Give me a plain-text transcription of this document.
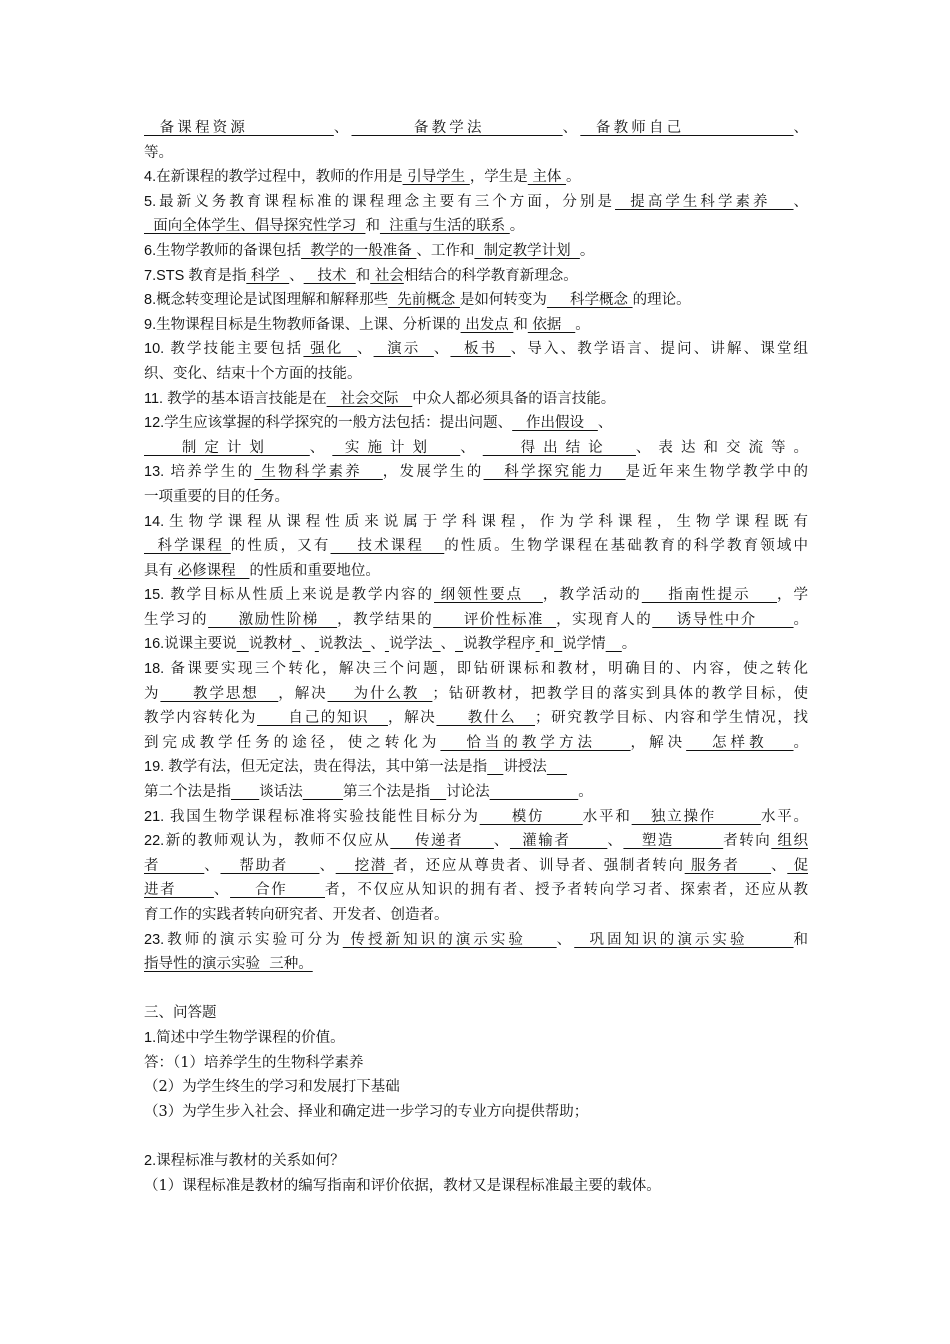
备课程资源           、        备教学法          、  备教师自己              、
等。
4.在新课程的教学过程中，教师的作用是 引导学生 ，学生是 主体 。
5.最新义务教育课程标准的课程理念主要有三个方面，分别是  提高学生科学素养   、
面向全体学生、倡导探究性学习  和  注重与生活的联系 。
6.生物学教师的备课包括  教学的一般准备 、工作和  制定教学计划  。
7.STS 教育是指 科学  、   技术  和 社会相结合的科学教育新理念。
8.概念转变理论是试图理解和解释那些  先前概念 是如何转变为     科学概念 的理论。
9.生物课程目标是生物教师备课、上课、分析课的 出发点 和 依据   。
10. 教学技能主要包括 强化  、  演示  、  板书  、导入、教学语言、提问、讲解、课堂组
织、变化、结束十个方面的技能。
11. 教学的基本语言技能是在   社会交际   中众人都必须具备的语言技能。
12.学生应该掌握的科学探究的一般方法包括：提出问题、   作出假设   、
制定计划   、 实施计划  、   得出结论  、表达和交流等。
13. 培养学生的 生物科学素养   ，发展学生的   科学探究能力   是近年来生物学教学中的
一项重要的目的任务。
14.生物学课程从课程性质来说属于学科课程，作为学科课程，生物学课程既有
科学课程 的性质，又有    技术课程   的性质。生物学课程在基础教育的科学教育领域中
具有 必修课程   的性质和重要地位。
15. 教学目标从性质上来说是教学内容的 纲领性要点   ，教学活动的    指南性提示    ，学
生学习的     激励性阶梯   ，教学结果的     评价性标准  ，实现育人的    诱导性中介      。
16.说课主要说 说教材 、 说教法 、 说学法 、 说教学程序 和 说学情 。
18. 备课要实现三个转化，解决三个问题，即钻研课标和教材，明确目的、内容，使之转化
为     教学思想   ，解决    为什么教  ；钻研教材，把教学目的落实到具体的教学目标，使
教学内容转化为     自己的知识   ，解决     教什么   ；研究教学目标、内容和学生情况，找
到完成教学任务的途径，使之转化为   恰当的教学方法    ，解决   怎样教   。
19. 教学有法，但无定法，贵在得法，其中第一法是指 讲授法
第二个法是指 谈话法	第三个法是指 讨论法	。
21. 我国生物学课程标准将实验技能性目标分为     模仿      水平和   独立操作       水平。
22.新的教师观认为，教师不仅应从    传递者     、  灌输者      、   塑造        者转向 组织
者       、   帮助者     、   挖潜 者，还应从尊贵者、训导者、强制者转向 服务者     、 促
进者      、    合作      者，不仅应从知识的拥有者、授予者转向学习者、探索者，还应从教
育工作的实践者转向研究者、开发者、创造者。
23.教师的演示实验可分为 传授新知识的演示实验    、  巩固知识的演示实验      和
指导性的演示实验  三种。
三、问答题
1.简述中学生物学课程的价值。
答：（1）培养学生的生物科学素养
（2）为学生终生的学习和发展打下基础
（3）为学生步入社会、择业和确定进一步学习的专业方向提供帮助；
2.课程标准与教材的关系如何？
（1）课程标准是教材的编写指南和评价依据，教材又是课程标准最主要的载体。
